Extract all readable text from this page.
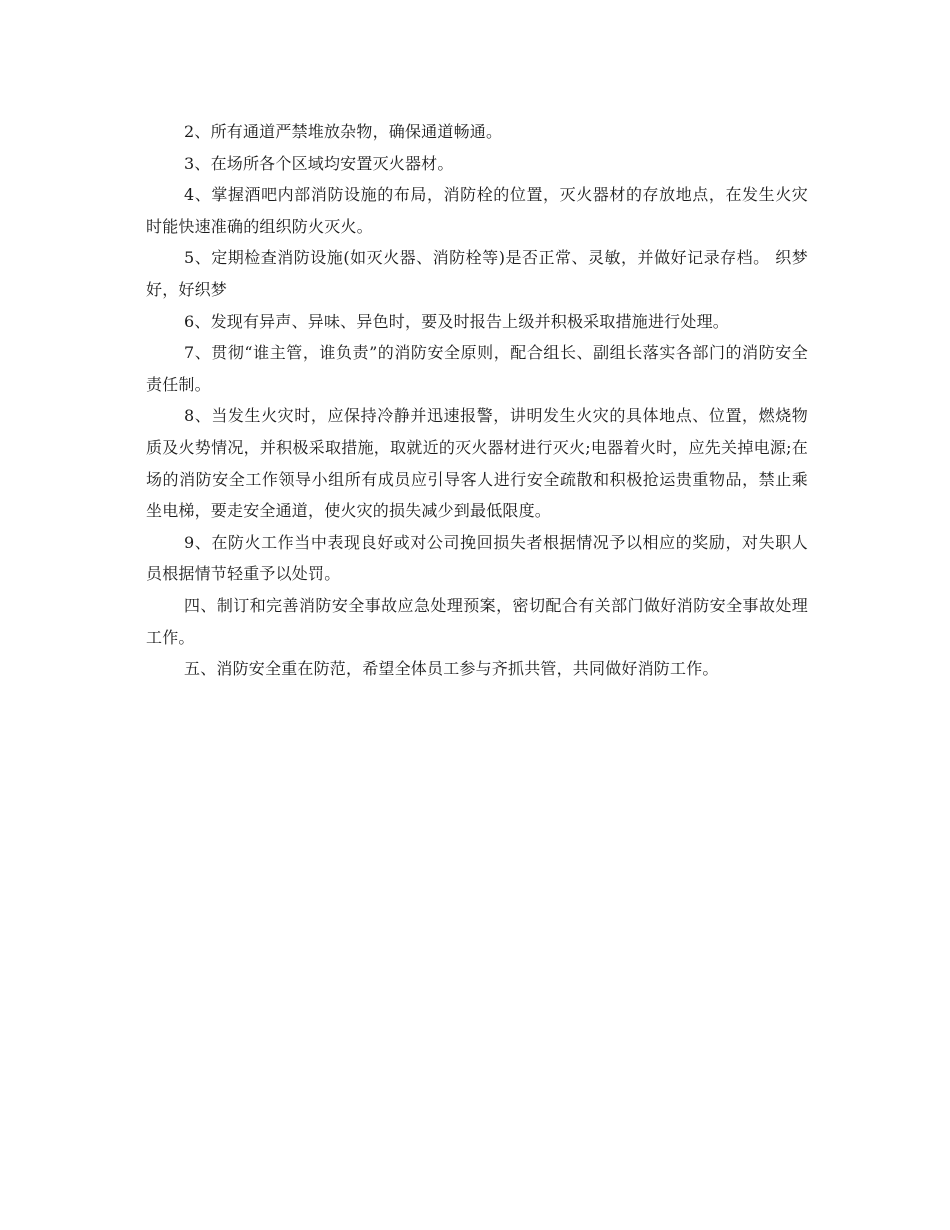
2、所有通道严禁堆放杂物，确保通道畅通。

3、在场所各个区域均安置灭火器材。

4、掌握酒吧内部消防设施的布局，消防栓的位置，灭火器材的存放地点，在发生火灾时能快速准确的组织防火灭火。

5、定期检查消防设施(如灭火器、消防栓等)是否正常、灵敏，并做好记录存档。 织梦好，好织梦

6、发现有异声、异味、异色时，要及时报告上级并积极采取措施进行处理。

7、贯彻“谁主管，谁负责”的消防安全原则，配合组长、副组长落实各部门的消防安全责任制。

8、当发生火灾时，应保持冷静并迅速报警，讲明发生火灾的具体地点、位置，燃烧物质及火势情况，并积极采取措施，取就近的灭火器材进行灭火;电器着火时，应先关掉电源;在场的消防安全工作领导小组所有成员应引导客人进行安全疏散和积极抢运贵重物品，禁止乘坐电梯，要走安全通道，使火灾的损失减少到最低限度。

9、在防火工作当中表现良好或对公司挽回损失者根据情况予以相应的奖励，对失职人员根据情节轻重予以处罚。

四、制订和完善消防安全事故应急处理预案，密切配合有关部门做好消防安全事故处理工作。

五、消防安全重在防范，希望全体员工参与齐抓共管，共同做好消防工作。
